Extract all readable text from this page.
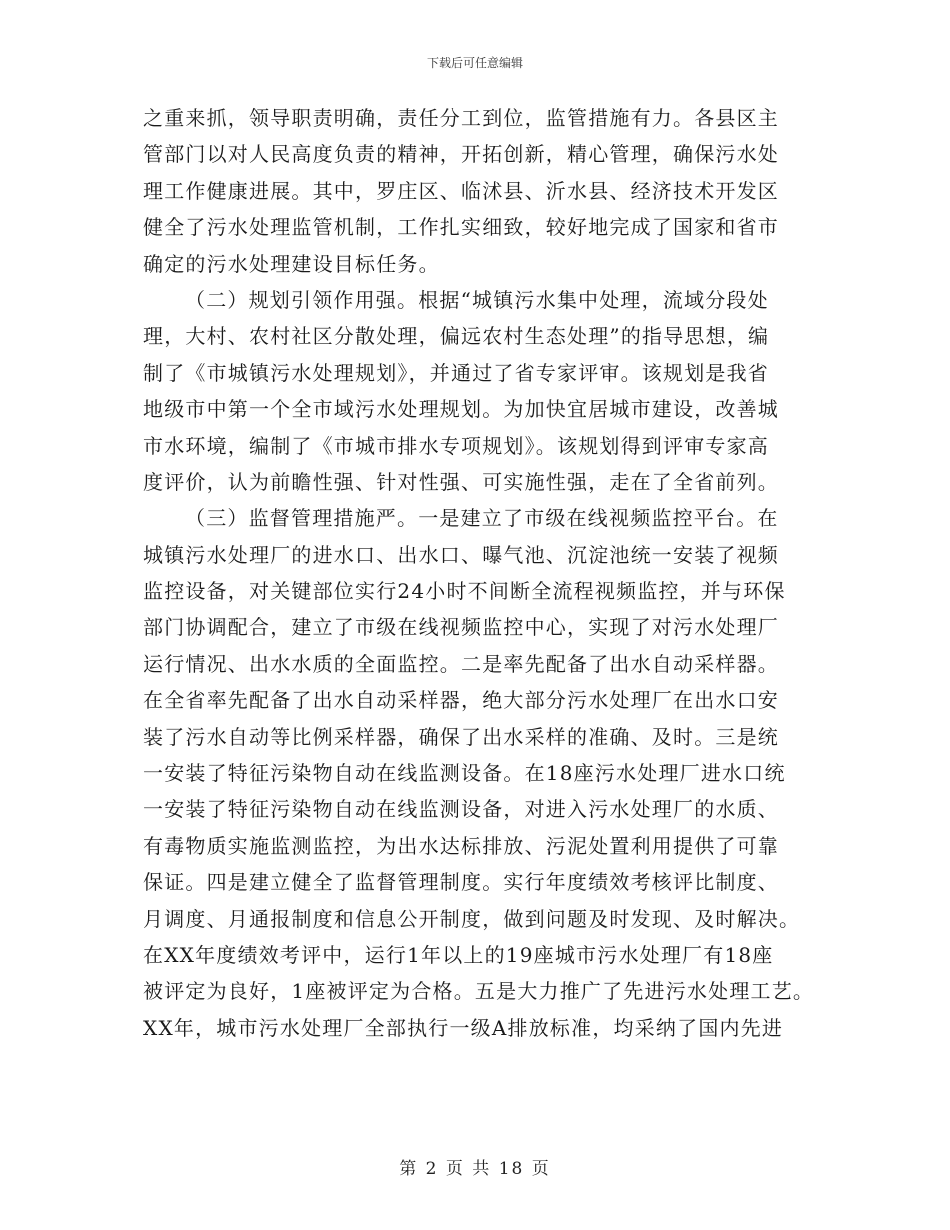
下载后可任意编辑
之重来抓，领导职责明确，责任分工到位，监管措施有力。各县区主
管部门以对人民高度负责的精神，开拓创新，精心管理，确保污水处
理工作健康进展。其中，罗庄区、临沭县、沂水县、经济技术开发区
健全了污水处理监管机制，工作扎实细致，较好地完成了国家和省市
确定的污水处理建设目标任务。
（二）规划引领作用强。根据“城镇污水集中处理，流域分段处
理，大村、农村社区分散处理，偏远农村生态处理”的指导思想，编
制了《市城镇污水处理规划》，并通过了省专家评审。该规划是我省
地级市中第一个全市域污水处理规划。为加快宜居城市建设，改善城
市水环境，编制了《市城市排水专项规划》。该规划得到评审专家高
度评价，认为前瞻性强、针对性强、可实施性强，走在了全省前列。
（三）监督管理措施严。一是建立了市级在线视频监控平台。在
城镇污水处理厂的进水口、出水口、曝气池、沉淀池统一安装了视频
监控设备，对关键部位实行24小时不间断全流程视频监控，并与环保
部门协调配合，建立了市级在线视频监控中心，实现了对污水处理厂
运行情况、出水水质的全面监控。二是率先配备了出水自动采样器。
在全省率先配备了出水自动采样器，绝大部分污水处理厂在出水口安
装了污水自动等比例采样器，确保了出水采样的准确、及时。三是统
一安装了特征污染物自动在线监测设备。在18座污水处理厂进水口统
一安装了特征污染物自动在线监测设备，对进入污水处理厂的水质、
有毒物质实施监测监控，为出水达标排放、污泥处置利用提供了可靠
保证。四是建立健全了监督管理制度。实行年度绩效考核评比制度、
月调度、月通报制度和信息公开制度，做到问题及时发现、及时解决。
在XX年度绩效考评中，运行1年以上的19座城市污水处理厂有18座
被评定为良好，1座被评定为合格。五是大力推广了先进污水处理工艺。
XX年，城市污水处理厂全部执行一级A排放标准，均采纳了国内先进
第 2 页 共 18 页
